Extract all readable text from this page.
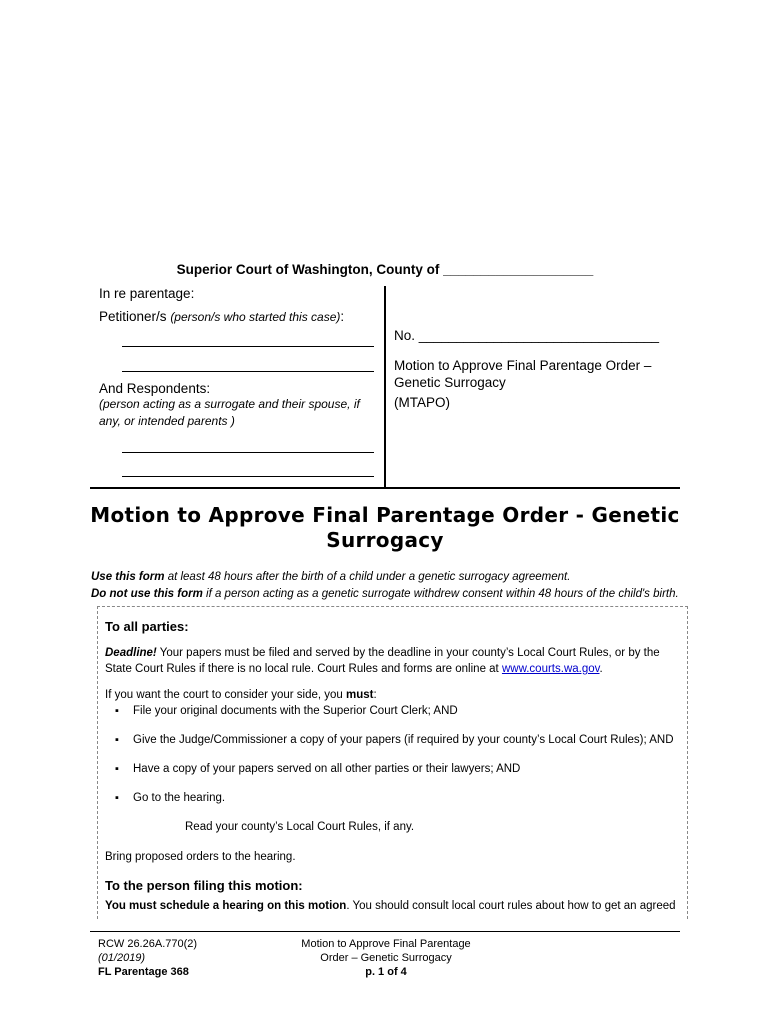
Superior Court of Washington, County of ____________________
In re parentage:
Petitioner/s (person/s who started this case):
And Respondents:
(person acting as a surrogate and their spouse, if any, or intended parents )
No. ________________________________
Motion to Approve Final Parentage Order – Genetic Surrogacy
(MTAPO)
Motion to Approve Final Parentage Order - Genetic Surrogacy
Use this form at least 48 hours after the birth of a child under a genetic surrogacy agreement.
Do not use this form if a person acting as a genetic surrogate withdrew consent within 48 hours of the child's birth.
To all parties:
Deadline! Your papers must be filed and served by the deadline in your county’s Local Court Rules, or by the State Court Rules if there is no local rule. Court Rules and forms are online at www.courts.wa.gov.
If you want the court to consider your side, you must:
▪ File your original documents with the Superior Court Clerk; AND
▪ Give the Judge/Commissioner a copy of your papers (if required by your county’s Local Court Rules); AND
▪ Have a copy of your papers served on all other parties or their lawyers; AND
▪ Go to the hearing.
Read your county’s Local Court Rules, if any.
Bring proposed orders to the hearing.
To the person filing this motion:
You must schedule a hearing on this motion. You should consult local court rules about how to get an agreed
RCW 26.26A.770(2)
(01/2019)
FL Parentage 368
Motion to Approve Final Parentage
Order – Genetic Surrogacy
p. 1 of 4
